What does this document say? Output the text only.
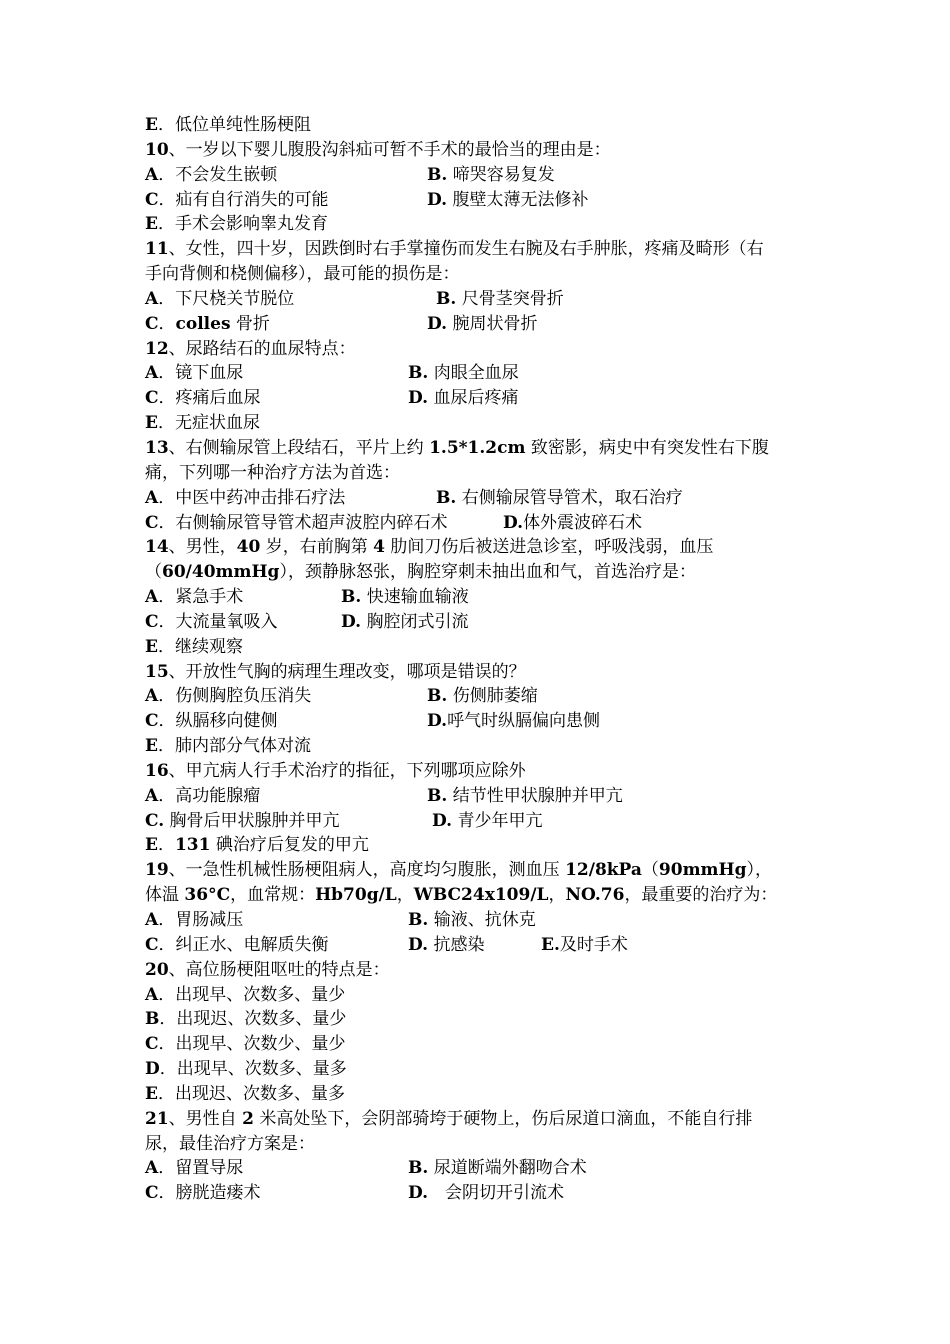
E．低位单纯性肠梗阻
10、一岁以下婴儿腹股沟斜疝可暂不手术的最恰当的理由是：
A．不会发生嵌顿	B. 啼哭容易复发
C．疝有自行消失的可能	D. 腹壁太薄无法修补
E．手术会影响睾丸发育
11、女性，四十岁，因跌倒时右手掌撞伤而发生右腕及右手肿胀，疼痛及畸形（右
手向背侧和桡侧偏移），最可能的损伤是：
A．下尺桡关节脱位	B. 尺骨茎突骨折
C．colles 骨折	D. 腕周状骨折
12、尿路结石的血尿特点：
A．镜下血尿	B. 肉眼全血尿
C．疼痛后血尿	D. 血尿后疼痛
E．无症状血尿
13、右侧输尿管上段结石，平片上约 1.5*1.2cm 致密影，病史中有突发性右下腹
痛，下列哪一种治疗方法为首选：
A．中医中药冲击排石疗法	B. 右侧输尿管导管术，取石治疗
C．右侧输尿管导管术超声波腔内碎石术	D.体外震波碎石术
14、男性，40 岁，右前胸第 4 肋间刀伤后被送进急诊室，呼吸浅弱，血压
（60/40mmHg），颈静脉怒张，胸腔穿刺未抽出血和气，首选治疗是：
A．紧急手术	B. 快速输血输液
C．大流量氧吸入	D. 胸腔闭式引流
E．继续观察
15、开放性气胸的病理生理改变，哪项是错误的？
A．伤侧胸腔负压消失	B. 伤侧肺萎缩
C．纵膈移向健侧	D.呼气时纵膈偏向患侧
E．肺内部分气体对流
16、甲亢病人行手术治疗的指征，下列哪项应除外
A．高功能腺瘤	B. 结节性甲状腺肿并甲亢
C. 胸骨后甲状腺肿并甲亢	D. 青少年甲亢
E．131 碘治疗后复发的甲亢
19、一急性机械性肠梗阻病人，高度均匀腹胀，测血压 12/8kPa（90mmHg），
体温 36°C，血常规：Hb70g/L，WBC24x109/L，NO.76，最重要的治疗为：
A．胃肠减压	B. 输液、抗休克
C．纠正水、电解质失衡	D. 抗感染	E.及时手术
20、高位肠梗阻呕吐的特点是：
A．出现早、次数多、量少
B．出现迟、次数多、量少
C．出现早、次数少、量少
D．出现早、次数多、量多
E．出现迟、次数多、量多
21、男性自 2 米高处坠下，会阴部骑垮于硬物上，伤后尿道口滴血，不能自行排
尿，最佳治疗方案是：
A．留置导尿	B. 尿道断端外翻吻合术
C．膀胱造瘘术	D.　会阴切开引流术
